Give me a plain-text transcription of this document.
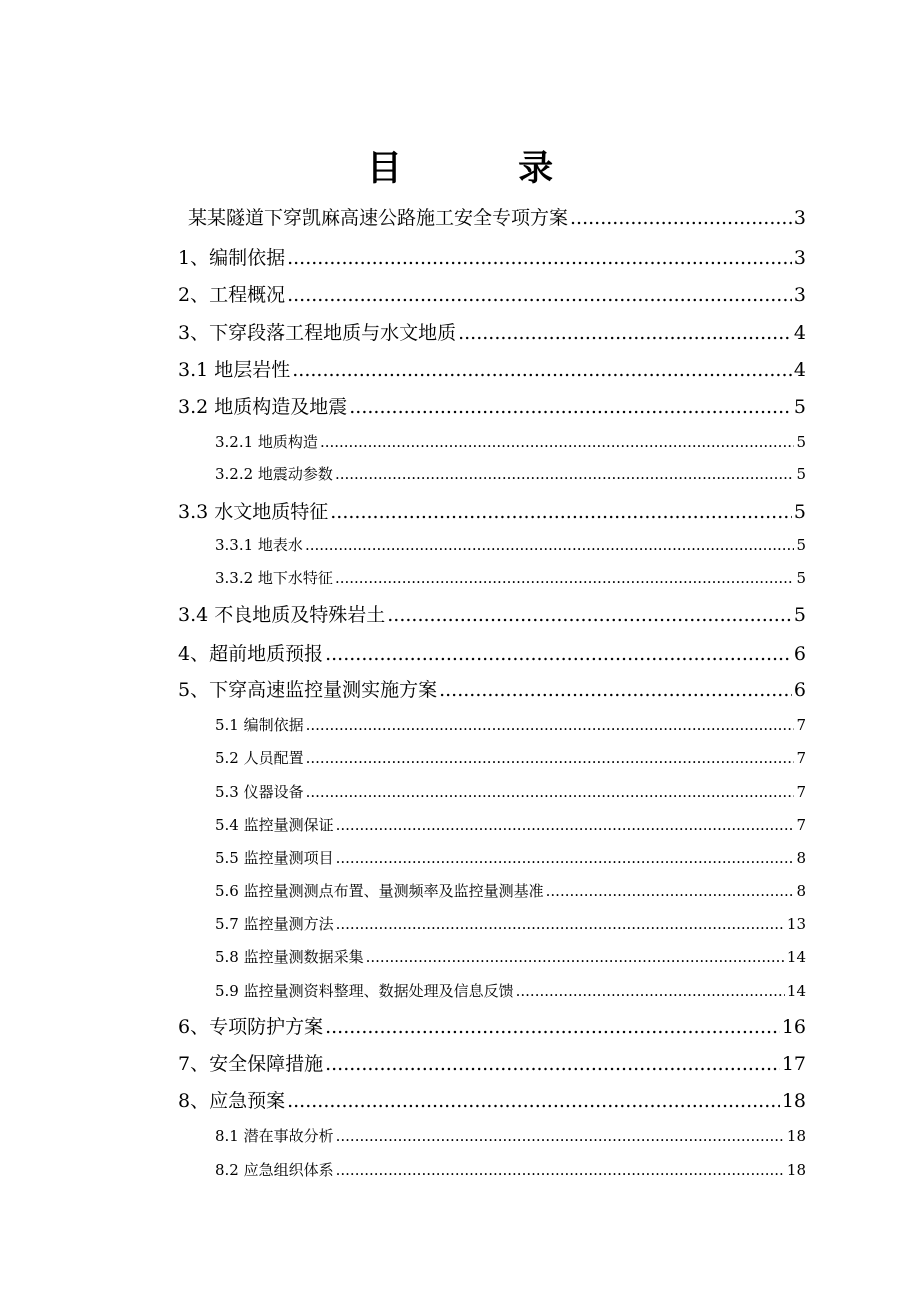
目 录
某某隧道下穿凯麻高速公路施工安全专项方案 .....	3
1、编制依据 .....	3
2、工程概况 .....	3
3、下穿段落工程地质与水文地质 .....	4
3.1 地层岩性 .....	4
3.2 地质构造及地震 .....	5
3.2.1 地质构造 .....	5
3.2.2 地震动参数 .....	5
3.3 水文地质特征 .....	5
3.3.1 地表水 .....	5
3.3.2 地下水特征 .....	5
3.4 不良地质及特殊岩土 .....	5
4、超前地质预报 .....	6
5、下穿高速监控量测实施方案 .....	6
5.1 编制依据 .....	7
5.2 人员配置 .....	7
5.3 仪器设备 .....	7
5.4 监控量测保证 .....	7
5.5 监控量测项目 .....	8
5.6 监控量测测点布置、量测频率及监控量测基准 .....	8
5.7 监控量测方法 .....	13
5.8 监控量测数据采集 .....	14
5.9 监控量测资料整理、数据处理及信息反馈 .....	14
6、专项防护方案 .....	16
7、安全保障措施 .....	17
8、应急预案 .....	18
8.1 潜在事故分析 .....	18
8.2 应急组织体系 .....	18
